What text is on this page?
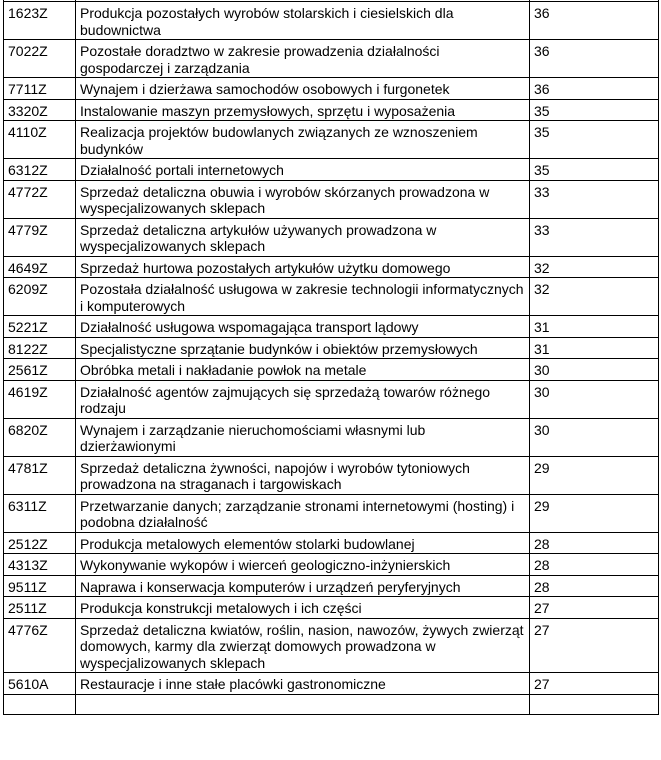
1623Z	Produkcja pozostałych wyrobów stolarskich i ciesielskich dla budownictwa	36
7022Z	Pozostałe doradztwo w zakresie prowadzenia działalności gospodarczej i zarządzania	36
7711Z	Wynajem i dzierżawa samochodów osobowych i furgonetek	36
3320Z	Instalowanie maszyn przemysłowych, sprzętu i wyposażenia	35
4110Z	Realizacja projektów budowlanych związanych ze wznoszeniem budynków	35
6312Z	Działalność portali internetowych	35
4772Z	Sprzedaż detaliczna obuwia i wyrobów skórzanych prowadzona w wyspecjalizowanych sklepach	33
4779Z	Sprzedaż detaliczna artykułów używanych prowadzona w wyspecjalizowanych sklepach	33
4649Z	Sprzedaż hurtowa pozostałych artykułów użytku domowego	32
6209Z	Pozostała działalność usługowa w zakresie technologii informatycznych i komputerowych	32
5221Z	Działalność usługowa wspomagająca transport lądowy	31
8122Z	Specjalistyczne sprzątanie budynków i obiektów przemysłowych	31
2561Z	Obróbka metali i nakładanie powłok na metale	30
4619Z	Działalność agentów zajmujących się sprzedażą towarów różnego rodzaju	30
6820Z	Wynajem i zarządzanie nieruchomościami własnymi lub dzierżawionymi	30
4781Z	Sprzedaż detaliczna żywności, napojów i wyrobów tytoniowych prowadzona na straganach i targowiskach	29
6311Z	Przetwarzanie danych; zarządzanie stronami internetowymi (hosting) i podobna działalność	29
2512Z	Produkcja metalowych elementów stolarki budowlanej	28
4313Z	Wykonywanie wykopów i wierceń geologiczno-inżynierskich	28
9511Z	Naprawa i konserwacja komputerów i urządzeń peryferyjnych	28
2511Z	Produkcja konstrukcji metalowych i ich części	27
4776Z	Sprzedaż detaliczna kwiatów, roślin, nasion, nawozów, żywych zwierząt domowych, karmy dla zwierząt domowych prowadzona w wyspecjalizowanych sklepach	27
5610A	Restauracje i inne stałe placówki gastronomiczne	27
